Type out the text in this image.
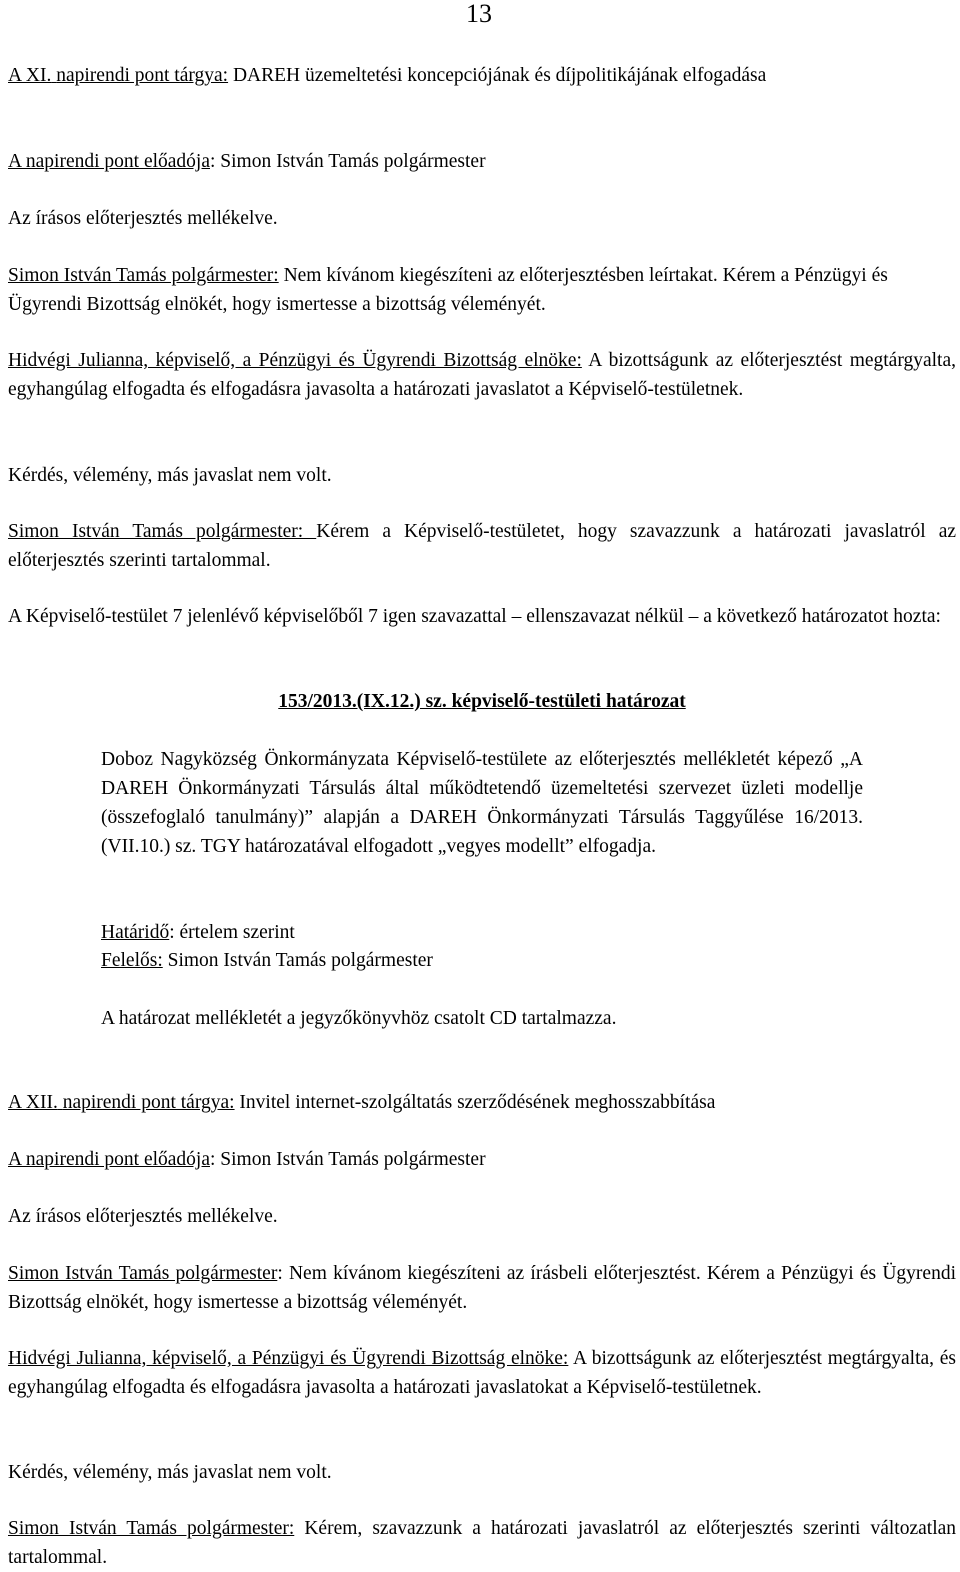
13
A XI. napirendi pont tárgya: DAREH üzemeltetési koncepciójának és díjpolitikájának elfogadása
A napirendi pont előadója: Simon István Tamás polgármester
Az írásos előterjesztés mellékelve.
Simon István Tamás polgármester: Nem kívánom kiegészíteni az előterjesztésben leírtakat. Kérem a Pénzügyi és Ügyrendi Bizottság elnökét, hogy ismertesse a bizottság véleményét.
Hidvégi Julianna, képviselő, a Pénzügyi és Ügyrendi Bizottság elnöke: A bizottságunk az előterjesztést megtárgyalta, egyhangúlag elfogadta és elfogadásra javasolta a határozati javaslatot a Képviselő-testületnek.
Kérdés, vélemény, más javaslat nem volt.
Simon István Tamás polgármester: Kérem a Képviselő-testületet, hogy szavazzunk a határozati javaslatról az előterjesztés szerinti tartalommal.
A Képviselő-testület 7 jelenlévő képviselőből 7 igen szavazattal – ellenszavazat nélkül – a következő határozatot hozta:
153/2013.(IX.12.) sz. képviselő-testületi határozat
Doboz Nagyközség Önkormányzata Képviselő-testülete az előterjesztés mellékletét képező „A DAREH Önkormányzati Társulás által működtetendő üzemeltetési szervezet üzleti modellje (összefoglaló tanulmány)” alapján a DAREH Önkormányzati Társulás Taggyűlése 16/2013. (VII.10.) sz. TGY határozatával elfogadott „vegyes modellt” elfogadja.
Határidő: értelem szerint
Felelős: Simon István Tamás polgármester
A határozat mellékletét a jegyzőkönyvhöz csatolt CD tartalmazza.
A XII. napirendi pont tárgya: Invitel internet-szolgáltatás szerződésének meghosszabbítása
A napirendi pont előadója: Simon István Tamás polgármester
Az írásos előterjesztés mellékelve.
Simon István Tamás polgármester: Nem kívánom kiegészíteni az írásbeli előterjesztést. Kérem a Pénzügyi és Ügyrendi Bizottság elnökét, hogy ismertesse a bizottság véleményét.
Hidvégi Julianna, képviselő, a Pénzügyi és Ügyrendi Bizottság elnöke: A bizottságunk az előterjesztést megtárgyalta, és egyhangúlag elfogadta és elfogadásra javasolta a határozati javaslatokat a Képviselő-testületnek.
Kérdés, vélemény, más javaslat nem volt.
Simon István Tamás polgármester: Kérem, szavazzunk a határozati javaslatról az előterjesztés szerinti változatlan tartalommal.
